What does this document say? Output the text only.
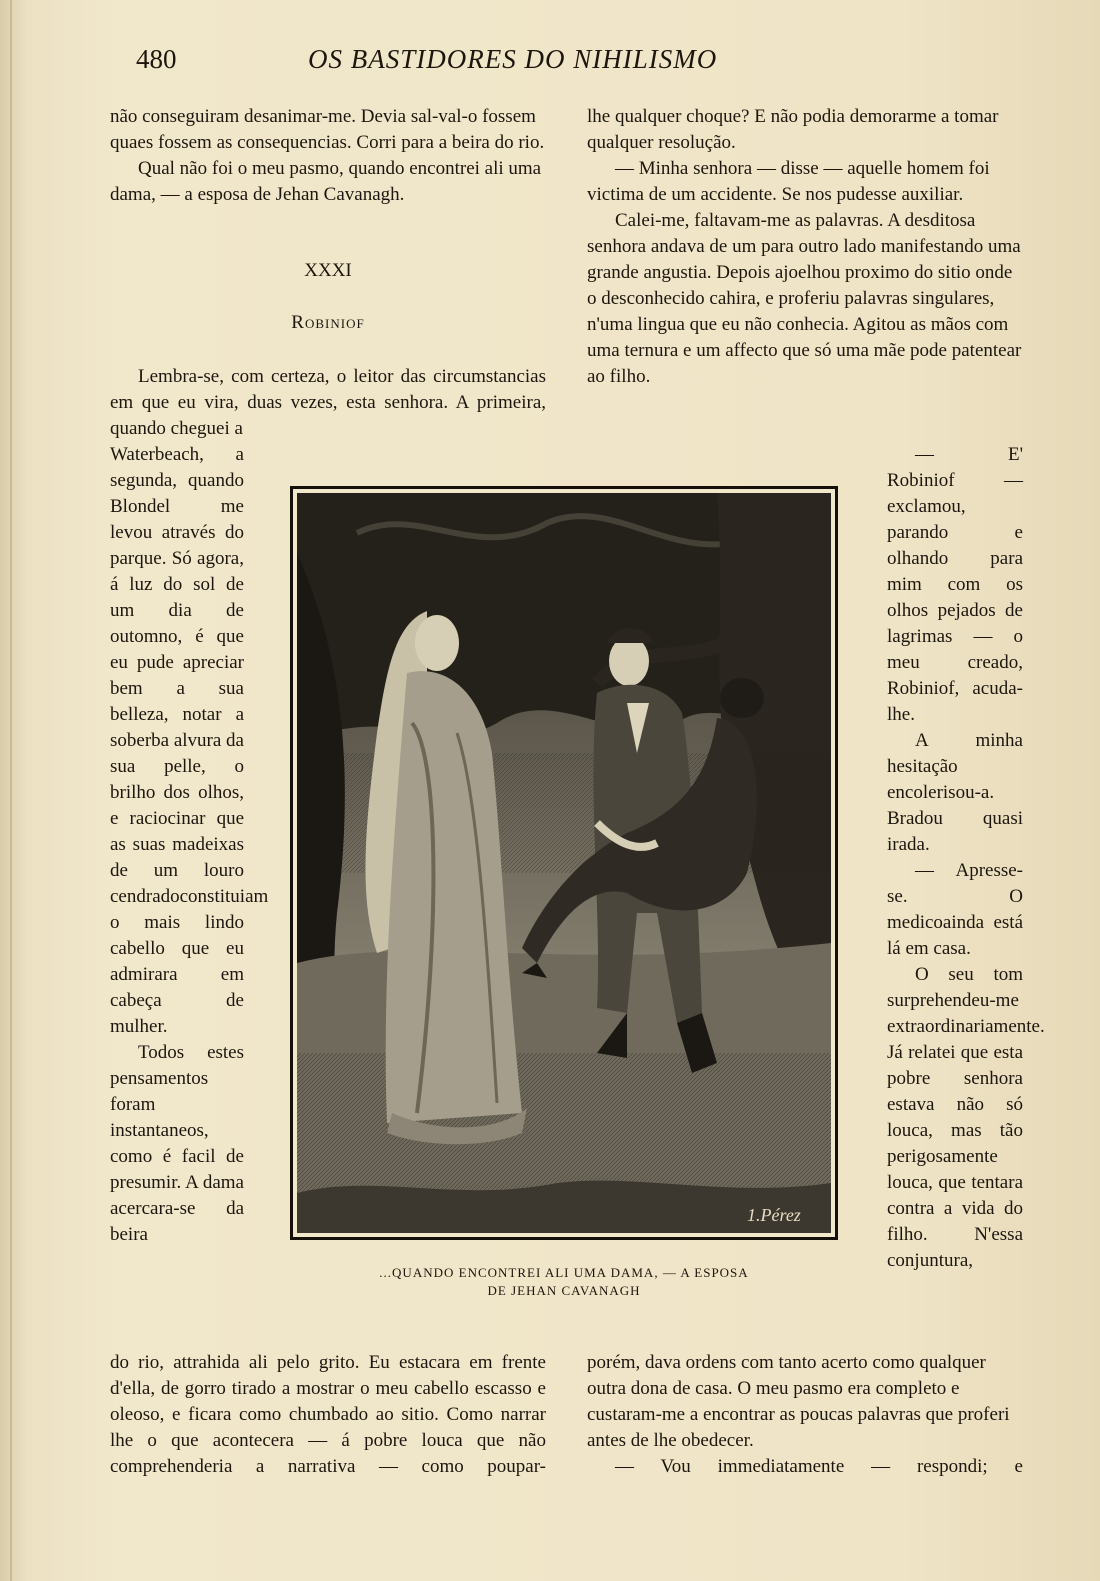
480	OS BASTIDORES DO NIHILISMO

não conseguiram desanimar-me. Devia sal-val-o fossem quaes fossem as consequencias. Corri para a beira do rio.

Qual não foi o meu pasmo, quando encontrei ali uma dama, — a esposa de Jehan Cavanagh.

XXXI
Robiniof

Lembra-se, com certeza, o leitor das circumstancias em que eu vira, duas vezes, esta senhora. A primeira, quando cheguei a

Waterbeach, a segunda, quando Blondel me levou através do parque. Só agora, á luz do sol de um dia de outomno, é que eu pude apreciar bem a sua belleza, notar a soberba alvura da sua pelle, o brilho dos olhos, e raciocinar que as suas madeixas de um louro cendradoconstituiam o mais lindo cabello que eu admirara em cabeça de mulher.

Todos estes pensamentos foram instantaneos, como é facil de presumir. A dama acercara-se da beira

do rio, attrahida ali pelo grito. Eu estacara em frente d'ella, de gorro tirado a mostrar o meu cabello escasso e oleoso, e ficara como chumbado ao sitio. Como narrar lhe o que acontecera — á pobre louca que não comprehenderia a narrativa — como poupar-

lhe qualquer choque? E não podia demorarme a tomar qualquer resolução.

— Minha senhora — disse — aquelle homem foi victima de um accidente. Se nos pudesse auxiliar.

Calei-me, faltavam-me as palavras. A desditosa senhora andava de um para outro lado manifestando uma grande angustia. Depois ajoelhou proximo do sitio onde o desconhecido cahira, e proferiu palavras singulares, n'uma lingua que eu não conhecia. Agitou as mãos com uma ternura e um affecto que só uma mãe pode patentear ao filho.

— E' Robiniof — exclamou, parando e olhando para mim com os olhos pejados de lagrimas — o meu creado, Robiniof, acuda-lhe.

A minha hesitação encolerisou-a. Bradou quasi irada.

— Apresse-se. O medicoainda está lá em casa.

O seu tom surprehendeu-me extraordinariamente. Já relatei que esta pobre senhora estava não só louca, mas tão perigosamente louca, que tentara contra a vida do filho. N'essa conjuntura,

porém, dava ordens com tanto acerto como qualquer outra dona de casa. O meu pasmo era completo e custaram-me a encontrar as poucas palavras que proferi antes de lhe obedecer.

— Vou immediatamente — respondi; e

1.Pérez
...QUANDO ENCONTREI ALI UMA DAMA, — A ESPOSA
DE JEHAN CAVANAGH
